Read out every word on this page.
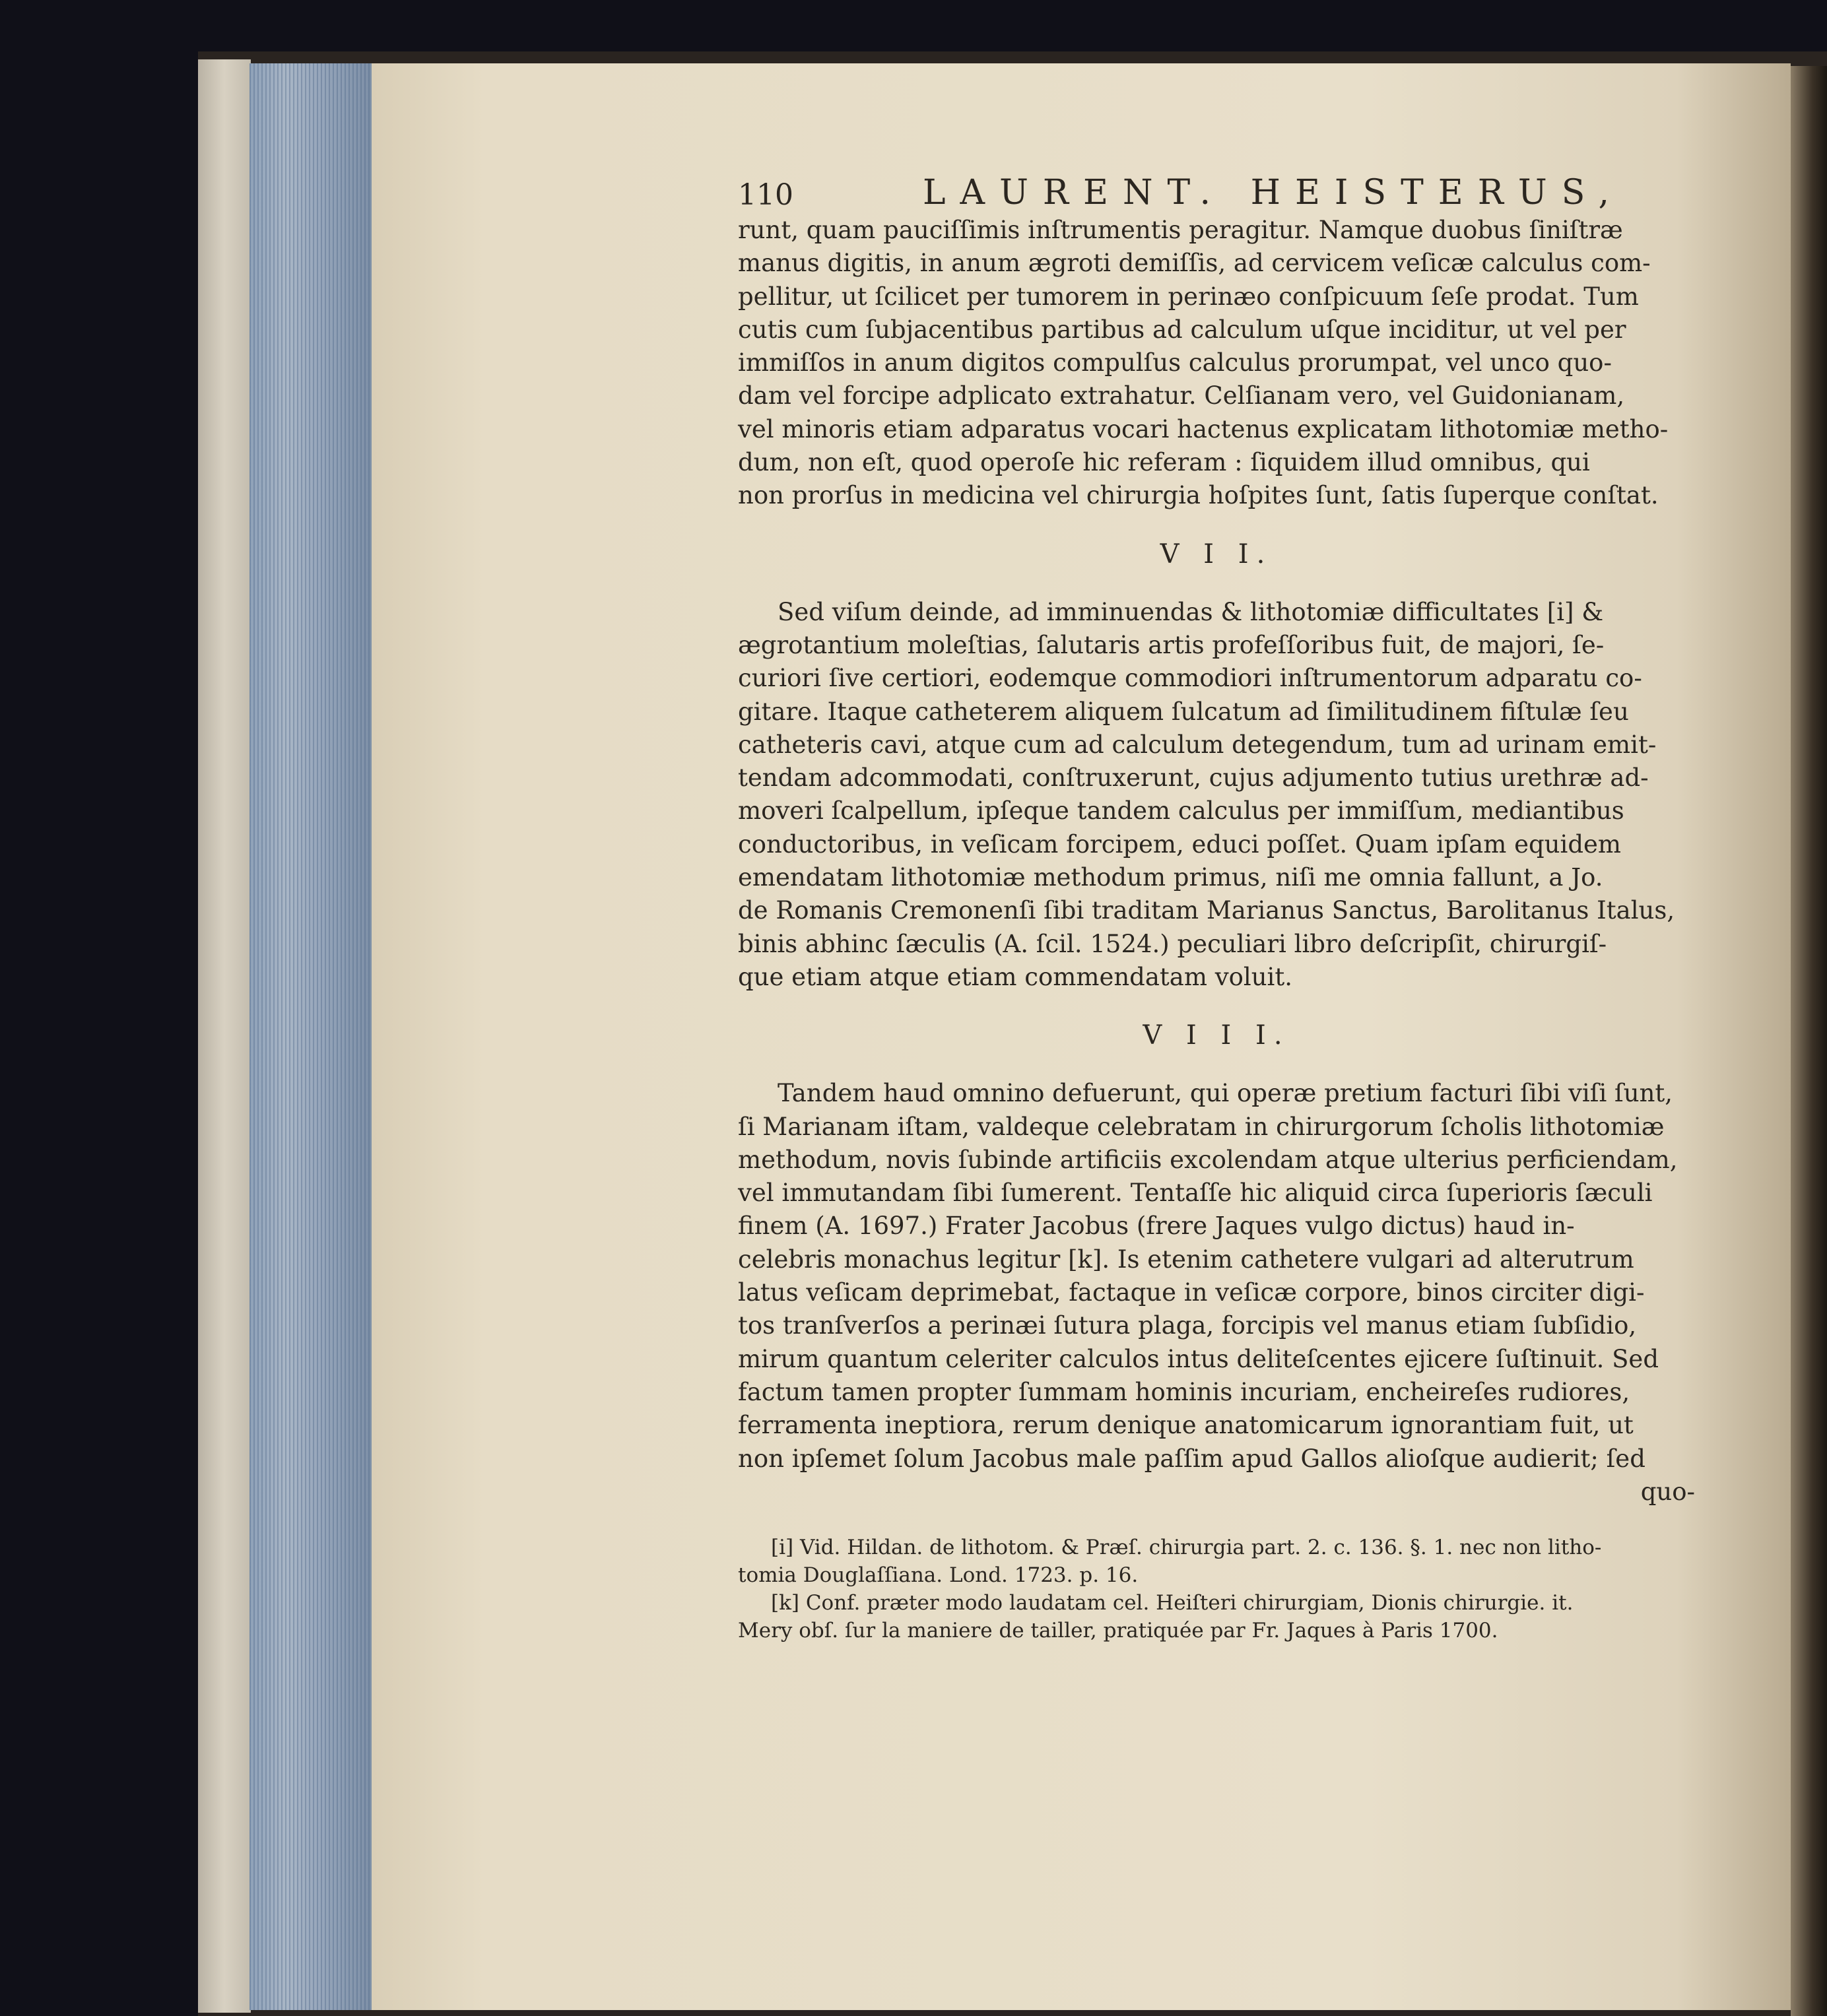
110	LAURENT. HEISTERUS,
runt, quam pauciſſimis inſtrumentis peragitur. Namque duobus ſiniſtræ
manus digitis, in anum ægroti demiſſis, ad cervicem veſicæ calculus com-
pellitur, ut ſcilicet per tumorem in perinæo conſpicuum ſeſe prodat. Tum
cutis cum ſubjacentibus partibus ad calculum uſque inciditur, ut vel per
immiſſos in anum digitos compulſus calculus prorumpat, vel unco quo-
dam vel forcipe adplicato extrahatur. Celſianam vero, vel Guidonianam,
vel minoris etiam adparatus vocari hactenus explicatam lithotomiæ metho-
dum, non eſt, quod operoſe hic referam : ſiquidem illud omnibus, qui
non prorſus in medicina vel chirurgia hoſpites ſunt, ſatis ſuperque conſtat.
V I I.
Sed viſum deinde, ad imminuendas & lithotomiæ difficultates [i] &
ægrotantium moleſtias, ſalutaris artis profeſſoribus fuit, de majori, ſe-
curiori ſive certiori, eodemque commodiori inſtrumentorum adparatu co-
gitare. Itaque catheterem aliquem ſulcatum ad ſimilitudinem fiſtulæ ſeu
catheteris cavi, atque cum ad calculum detegendum, tum ad urinam emit-
tendam adcommodati, conſtruxerunt, cujus adjumento tutius urethræ ad-
moveri ſcalpellum, ipſeque tandem calculus per immiſſum, mediantibus
conductoribus, in veſicam forcipem, educi poſſet. Quam ipſam equidem
emendatam lithotomiæ methodum primus, niſi me omnia fallunt, a Jo.
de Romanis Cremonenſi ſibi traditam Marianus Sanctus, Barolitanus Italus,
binis abhinc ſæculis (A. ſcil. 1524.) peculiari libro deſcripſit, chirurgiſ-
que etiam atque etiam commendatam voluit.
V I I I.
Tandem haud omnino defuerunt, qui operæ pretium facturi ſibi viſi ſunt,
ſi Marianam iſtam, valdeque celebratam in chirurgorum ſcholis lithotomiæ
methodum, novis ſubinde artificiis excolendam atque ulterius perficiendam,
vel immutandam ſibi ſumerent. Tentaſſe hic aliquid circa ſuperioris ſæculi
finem (A. 1697.) Frater Jacobus (frere Jaques vulgo dictus) haud in-
celebris monachus legitur [k]. Is etenim cathetere vulgari ad alterutrum
latus veſicam deprimebat, factaque in veſicæ corpore, binos circiter digi-
tos tranſverſos a perinæi ſutura plaga, forcipis vel manus etiam ſubſidio,
mirum quantum celeriter calculos intus deliteſcentes ejicere ſuſtinuit. Sed
factum tamen propter ſummam hominis incuriam, encheireſes rudiores,
ferramenta ineptiora, rerum denique anatomicarum ignorantiam fuit, ut
non ipſemet ſolum Jacobus male paſſim apud Gallos alioſque audierit; ſed
quo-

[i] Vid. Hildan. de lithotom. & Præſ. chirurgia part. 2. c. 136. §. 1. nec non litho-

tomia Douglaſſiana. Lond. 1723. p. 16.

[k] Conf. præter modo laudatam cel. Heiſteri chirurgiam, Dionis chirurgie. it.

Mery obſ. ſur la maniere de tailler, pratiquée par Fr. Jaques à Paris 1700.
